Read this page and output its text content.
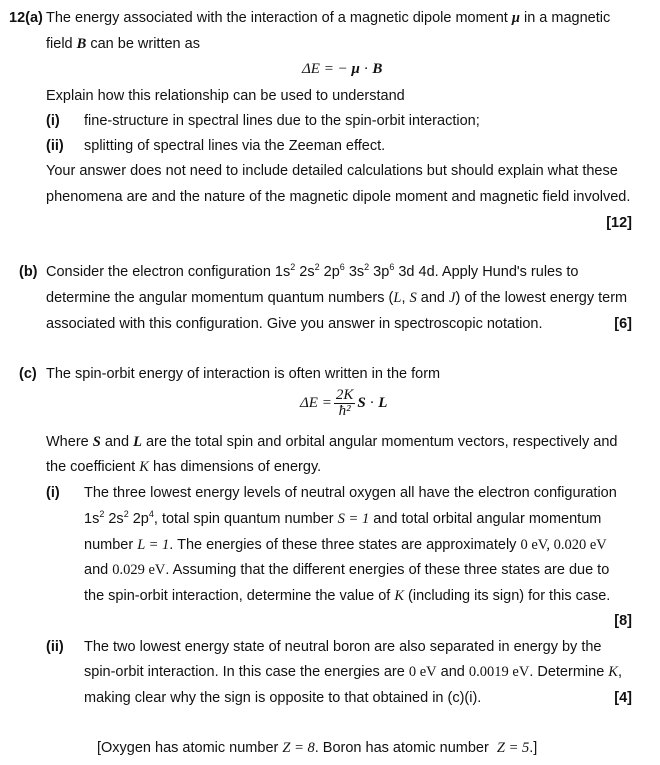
12(a) The energy associated with the interaction of a magnetic dipole moment μ in a magnetic
field B can be written as
ΔE = − μ · B
Explain how this relationship can be used to understand
(i) fine-structure in spectral lines due to the spin-orbit interaction;
(ii) splitting of spectral lines via the Zeeman effect.
Your answer does not need to include detailed calculations but should explain what these
phenomena are and the nature of the magnetic dipole moment and magnetic field involved.
[12]
(b) Consider the electron configuration $1s^2$ $2s^2$ $2p^6$ $3s^2$ $3p^6$ 3d 4d. Apply Hund's rules to
determine the angular momentum quantum numbers (L, S and J) of the lowest energy term
associated with this configuration. Give you answer in spectroscopic notation.	[6]
(c) The spin-orbit energy of interaction is often written in the form
$\Delta E = \frac{2K}{\text{ħ²}}$ S · L
Where S and L are the total spin and orbital angular momentum vectors, respectively and
the coefficient K has dimensions of energy.
(i) The three lowest energy levels of neutral oxygen all have the electron configuration
$1s^2$ $2s^2$ $2p^4$, total spin quantum number S = 1 and total orbital angular momentum
number L = 1. The energies of these three states are approximately 0 eV, 0.020 eV
and 0.029 eV. Assuming that the different energies of these three states are due to
the spin-orbit interaction, determine the value of K (including its sign) for this case.
[8]
(ii) The two lowest energy state of neutral boron are also separated in energy by the
spin-orbit interaction. In this case the energies are 0 eV and 0.0019 eV. Determine K,
making clear why the sign is opposite to that obtained in (c)(i).	[4]
[Oxygen has atomic number Z = 8. Boron has atomic number Z = 5.]
